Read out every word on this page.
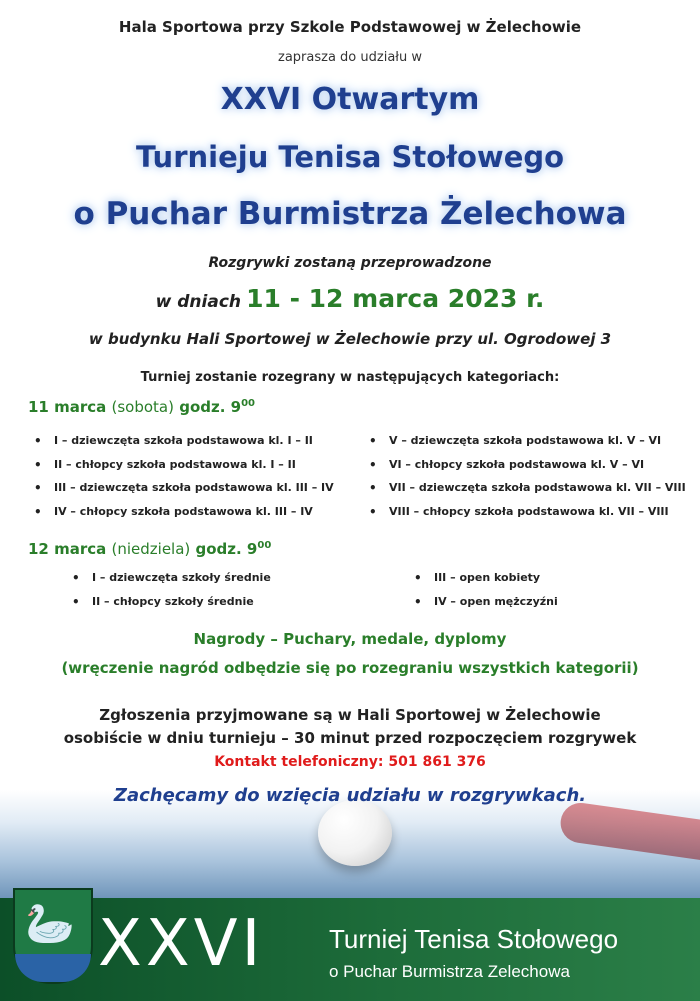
Hala Sportowa przy Szkole Podstawowej w Żelechowie
zaprasza do udziału w
XXVI Otwartym
Turnieju Tenisa Stołowego
o Puchar Burmistrza Żelechowa
Rozgrywki zostaną przeprowadzone
w dniach 11 - 12 marca 2023 r.
w budynku Hali Sportowej w Żelechowie przy ul. Ogrodowej 3
Turniej zostanie rozegrany w następujących kategoriach:
11 marca (sobota) godz. $9^{00}$
• I – dziewczęta szkoła podstawowa kl. I – II
• II – chłopcy szkoła podstawowa kl. I – II
• III – dziewczęta szkoła podstawowa kl. III – IV
• IV – chłopcy szkoła podstawowa kl. III – IV
• V – dziewczęta szkoła podstawowa kl. V – VI
• VI – chłopcy szkoła podstawowa kl. V – VI
• VII – dziewczęta szkoła podstawowa kl. VII – VIII
• VIII – chłopcy szkoła podstawowa kl. VII – VIII
12 marca (niedziela) godz. $9^{00}$
• I – dziewczęta szkoły średnie
• II – chłopcy szkoły średnie
• III – open kobiety
• IV – open mężczyźni
Nagrody – Puchary, medale, dyplomy
(wręczenie nagród odbędzie się po rozegraniu wszystkich kategorii)
Zgłoszenia przyjmowane są w Hali Sportowej w Żelechowie
osobiście w dniu turnieju – 30 minut przed rozpoczęciem rozgrywek
Kontakt telefoniczny: 501 861 376
Zachęcamy do wzięcia udziału w rozgrywkach.
🦢 XXVI Turniej Tenisa Stołowego
o Puchar Burmistrza Zelechowa
